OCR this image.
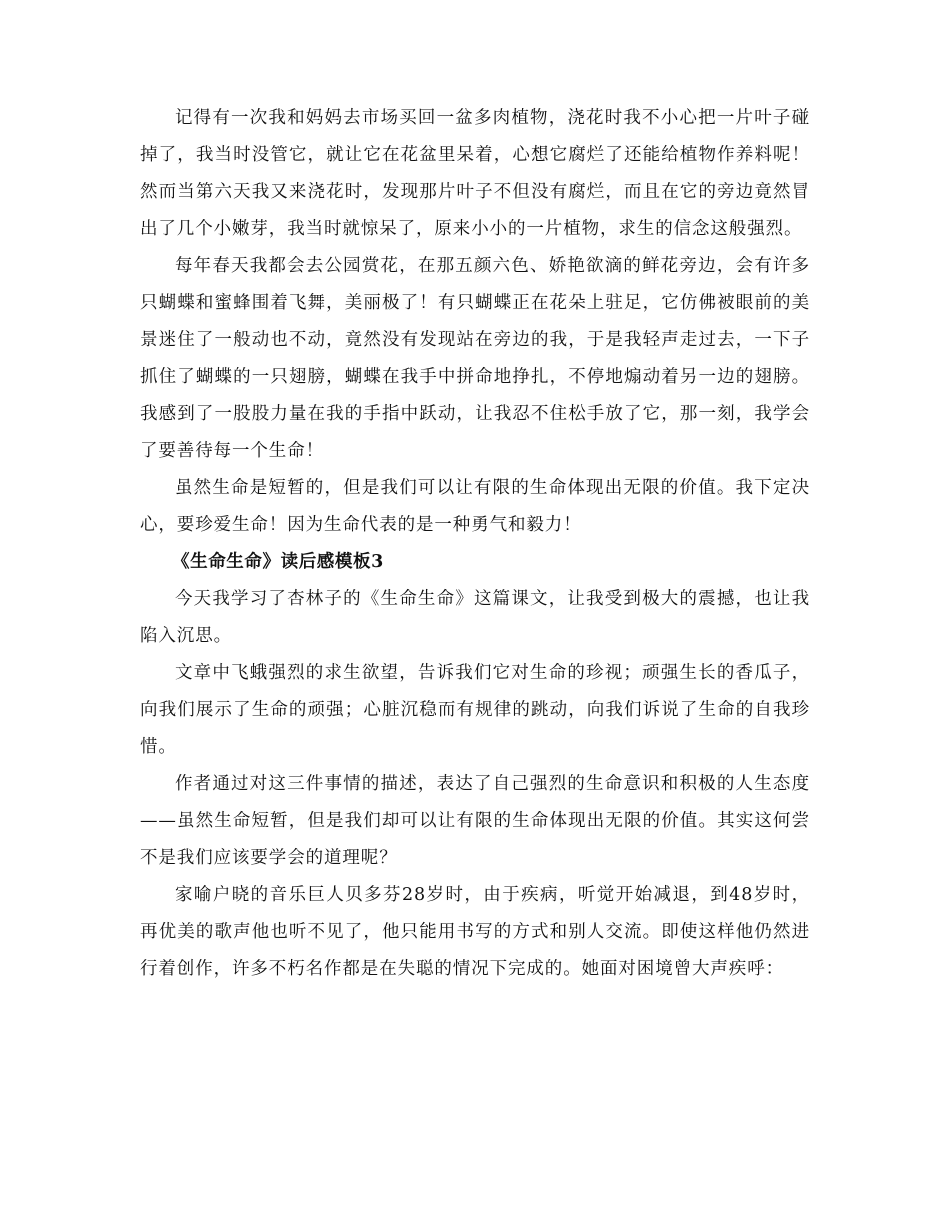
记得有一次我和妈妈去市场买回一盆多肉植物，浇花时我不小心把一片叶子碰掉了，我当时没管它，就让它在花盆里呆着，心想它腐烂了还能给植物作养料呢！然而当第六天我又来浇花时，发现那片叶子不但没有腐烂，而且在它的旁边竟然冒出了几个小嫩芽，我当时就惊呆了，原来小小的一片植物，求生的信念这般强烈。

每年春天我都会去公园赏花，在那五颜六色、娇艳欲滴的鲜花旁边，会有许多只蝴蝶和蜜蜂围着飞舞，美丽极了！有只蝴蝶正在花朵上驻足，它仿佛被眼前的美景迷住了一般动也不动，竟然没有发现站在旁边的我，于是我轻声走过去，一下子抓住了蝴蝶的一只翅膀，蝴蝶在我手中拼命地挣扎，不停地煽动着另一边的翅膀。我感到了一股股力量在我的手指中跃动，让我忍不住松手放了它，那一刻，我学会了要善待每一个生命！

虽然生命是短暂的，但是我们可以让有限的生命体现出无限的价值。我下定决心，要珍爱生命！因为生命代表的是一种勇气和毅力！

《生命生命》读后感模板3

今天我学习了杏林子的《生命生命》这篇课文，让我受到极大的震撼，也让我陷入沉思。

文章中飞蛾强烈的求生欲望，告诉我们它对生命的珍视；顽强生长的香瓜子，向我们展示了生命的顽强；心脏沉稳而有规律的跳动，向我们诉说了生命的自我珍惜。

作者通过对这三件事情的描述，表达了自己强烈的生命意识和积极的人生态度——虽然生命短暂，但是我们却可以让有限的生命体现出无限的价值。其实这何尝不是我们应该要学会的道理呢？

家喻户晓的音乐巨人贝多芬28岁时，由于疾病，听觉开始减退，到48岁时，再优美的歌声他也听不见了，他只能用书写的方式和别人交流。即使这样他仍然进行着创作，许多不朽名作都是在失聪的情况下完成的。她面对困境曾大声疾呼：
